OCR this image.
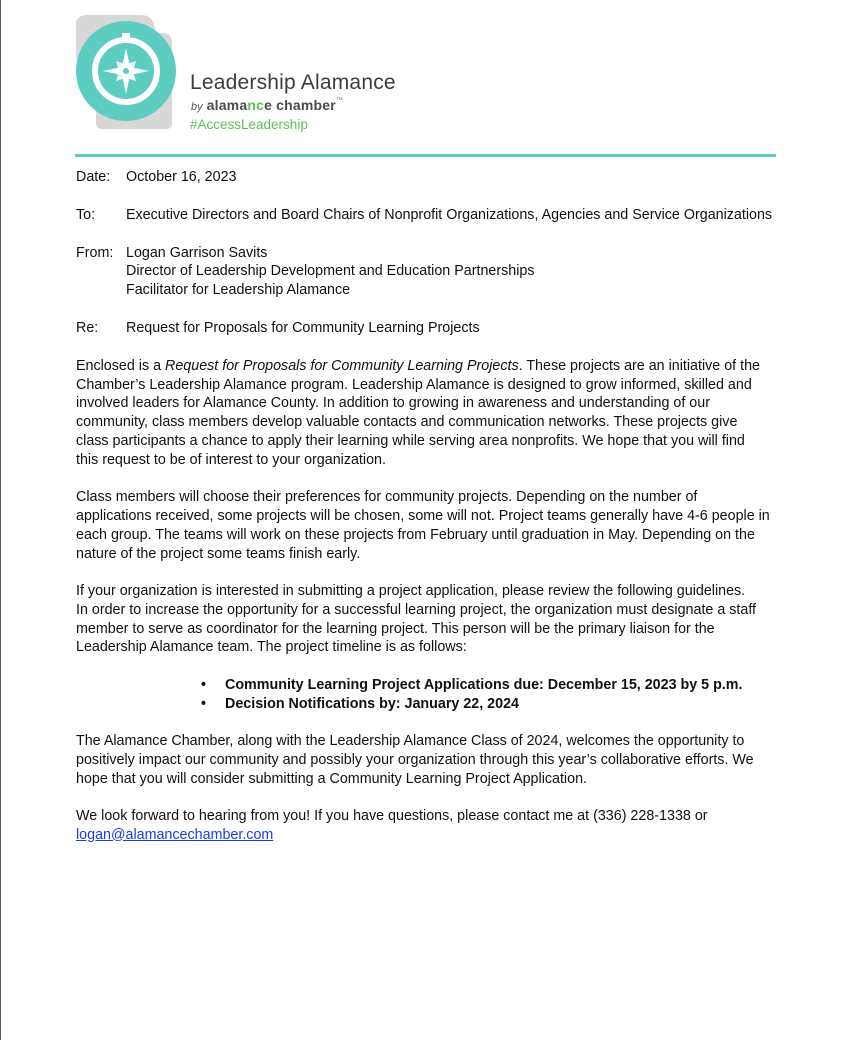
Leadership Alamance
by alamance chamber™
#AccessLeadership
Date:	October 16, 2023
To:	Executive Directors and Board Chairs of Nonprofit Organizations, Agencies and Service Organizations
From: Logan Garrison Savits
Director of Leadership Development and Education Partnerships
Facilitator for Leadership Alamance
Re:	Request for Proposals for Community Learning Projects

Enclosed is a Request for Proposals for Community Learning Projects. These projects are an initiative of the
Chamber’s Leadership Alamance program. Leadership Alamance is designed to grow informed, skilled and
involved leaders for Alamance County. In addition to growing in awareness and understanding of our
community, class members develop valuable contacts and communication networks. These projects give
class participants a chance to apply their learning while serving area nonprofits. We hope that you will find
this request to be of interest to your organization.

Class members will choose their preferences for community projects. Depending on the number of
applications received, some projects will be chosen, some will not. Project teams generally have 4-6 people in
each group. The teams will work on these projects from February until graduation in May. Depending on the
nature of the project some teams finish early.

If your organization is interested in submitting a project application, please review the following guidelines.
In order to increase the opportunity for a successful learning project, the organization must designate a staff
member to serve as coordinator for the learning project. This person will be the primary liaison for the
Leadership Alamance team. The project timeline is as follows:

• Community Learning Project Applications due: December 15, 2023 by 5 p.m.
• Decision Notifications by: January 22, 2024

The Alamance Chamber, along with the Leadership Alamance Class of 2024, welcomes the opportunity to
positively impact our community and possibly your organization through this year’s collaborative efforts. We
hope that you will consider submitting a Community Learning Project Application.

We look forward to hearing from you! If you have questions, please contact me at (336) 228-1338 or
logan@alamancechamber.com
